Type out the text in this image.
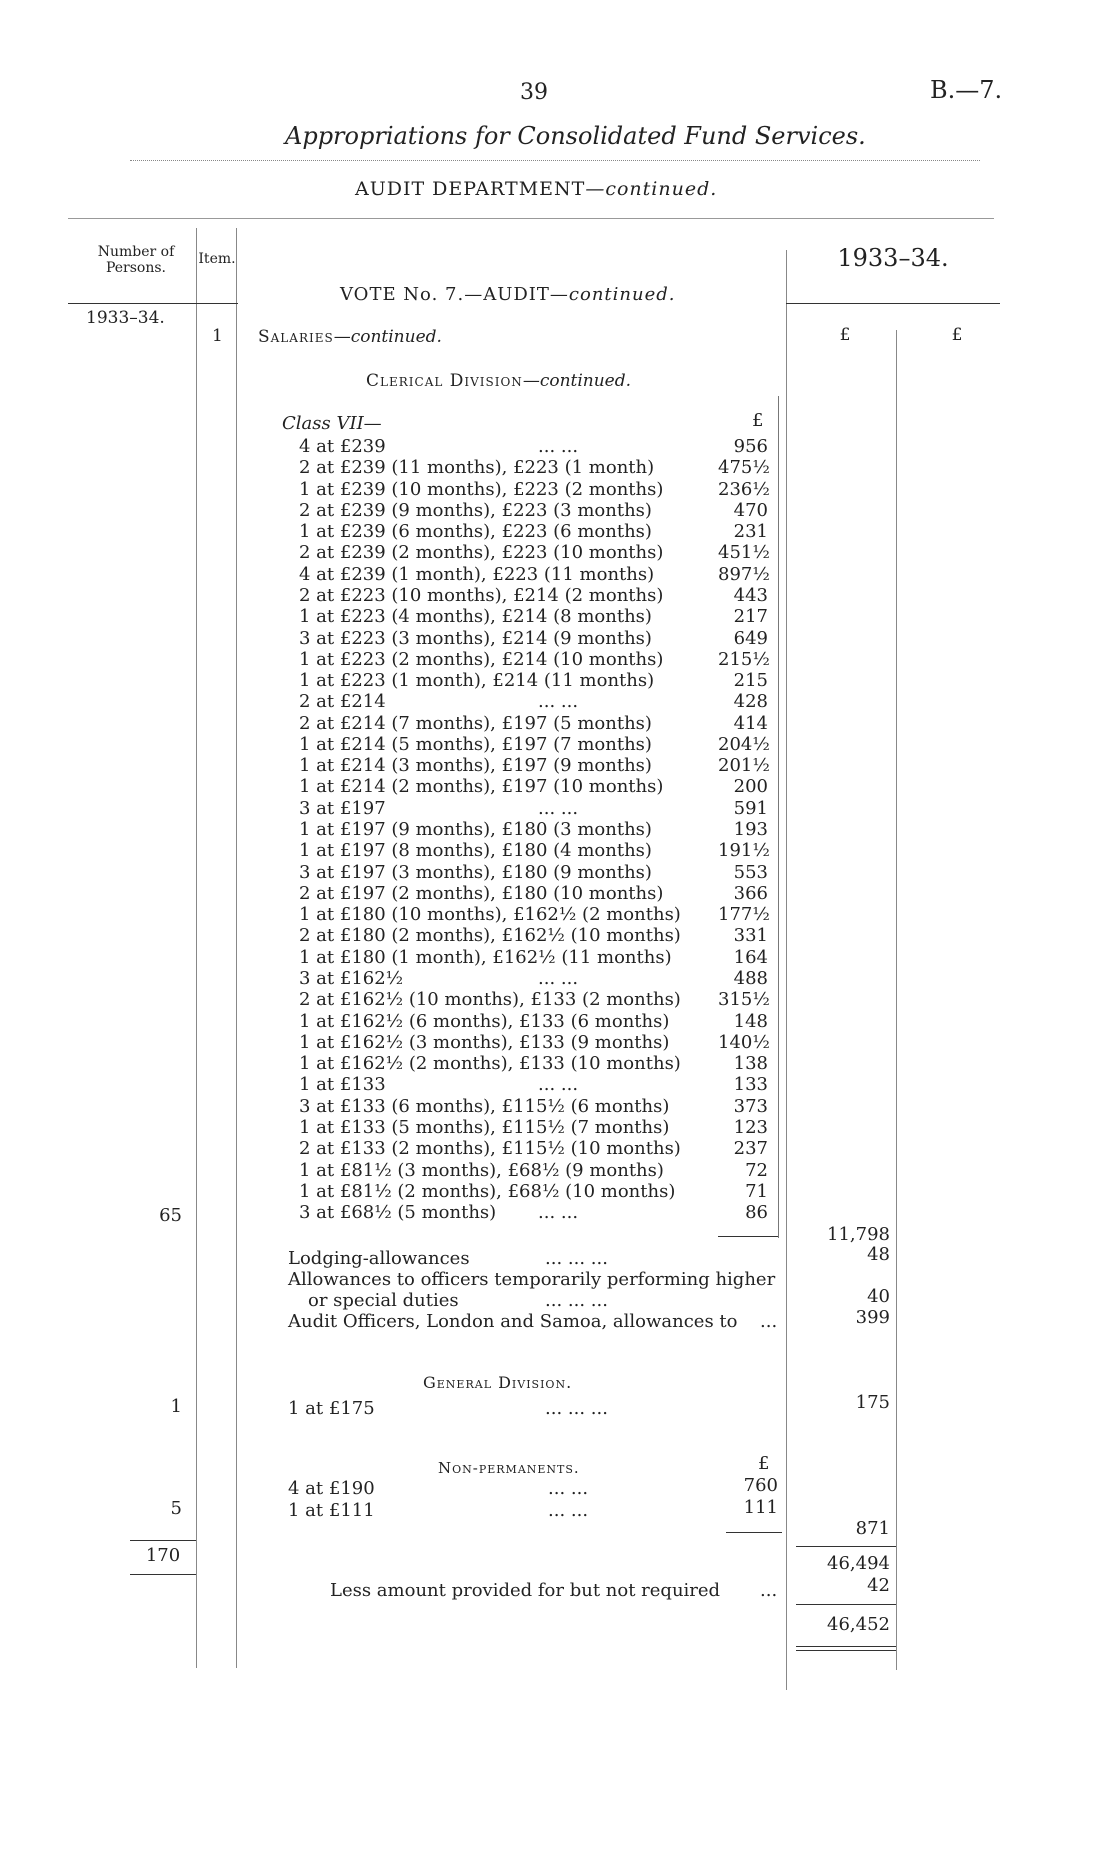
39	B.—7.
Appropriations for Consolidated Fund Services.
AUDIT DEPARTMENT—continued.
Number of Persons.
Item.	1933–34.
1933–34.
£	£
VOTE No. 7.—AUDIT—continued.
1 Salaries—continued.
Clerical Division—continued.
Class VII—	£
4 at £239	... ...	956
2 at £239 (11 months), £223 (1 month)	475½
1 at £239 (10 months), £223 (2 months)	236½
2 at £239 (9 months), £223 (3 months)	470
1 at £239 (6 months), £223 (6 months)	231
2 at £239 (2 months), £223 (10 months)	451½
4 at £239 (1 month), £223 (11 months)	897½
2 at £223 (10 months), £214 (2 months)	443
1 at £223 (4 months), £214 (8 months)	217
3 at £223 (3 months), £214 (9 months)	649
1 at £223 (2 months), £214 (10 months)	215½
1 at £223 (1 month), £214 (11 months)	215
2 at £214	... ...	428
2 at £214 (7 months), £197 (5 months)	414
1 at £214 (5 months), £197 (7 months)	204½
1 at £214 (3 months), £197 (9 months)	201½
1 at £214 (2 months), £197 (10 months)	200
3 at £197	... ...	591
1 at £197 (9 months), £180 (3 months)	193
1 at £197 (8 months), £180 (4 months)	191½
3 at £197 (3 months), £180 (9 months)	553
2 at £197 (2 months), £180 (10 months)	366
1 at £180 (10 months), £162½ (2 months) 177½
2 at £180 (2 months), £162½ (10 months)	331
1 at £180 (1 month), £162½ (11 months)	164
3 at £162½	... ...	488
2 at £162½ (10 months), £133 (2 months) 315½
1 at £162½ (6 months), £133 (6 months)	148
1 at £162½ (3 months), £133 (9 months)	140½
1 at £162½ (2 months), £133 (10 months)	138
1 at £133	... ...	133
3 at £133 (6 months), £115½ (6 months)	373
1 at £133 (5 months), £115½ (7 months)	123
2 at £133 (2 months), £115½ (10 months)	237
1 at £81½ (3 months), £68½ (9 months)	72
1 at £81½ (2 months), £68½ (10 months)	71
3 at £68½ (5 months) ... ...	86
65
11,798
Lodging-allowances	... ... ...	48
Allowances to officers temporarily performing higher
or special duties	... ... ...	40
Audit Officers, London and Samoa, allowances to ...	399
General Division.
1	1 at £175	... ... ...	175
Non-permanents.	£
4 at £190	... ...	760
5	1 at £111	... ...	111
871
170	46,494
Less amount provided for but not required ...	42
46,452
